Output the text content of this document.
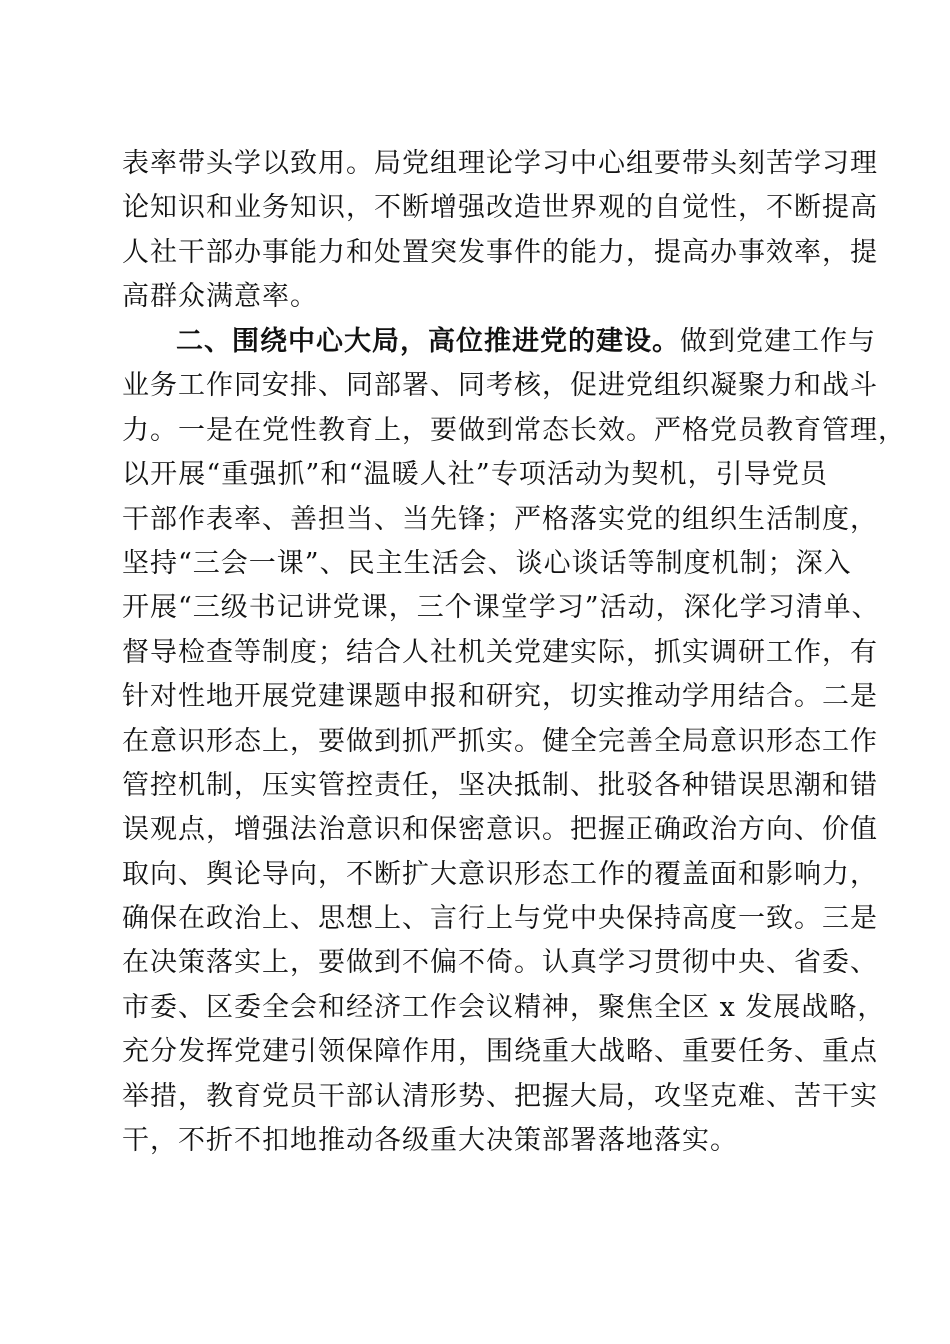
表率带头学以致用。局党组理论学习中心组要带头刻苦学习理
论知识和业务知识，不断增强改造世界观的自觉性，不断提高
人社干部办事能力和处置突发事件的能力，提高办事效率，提
高群众满意率。
二、围绕中心大局，高位推进党的建设。做到党建工作与
业务工作同安排、同部署、同考核，促进党组织凝聚力和战斗
力。一是在党性教育上，要做到常态长效。严格党员教育管理，
以开展“重强抓”和“温暖人社”专项活动为契机，引导党员
干部作表率、善担当、当先锋；严格落实党的组织生活制度，
坚持“三会一课”、民主生活会、谈心谈话等制度机制；深入
开展“三级书记讲党课，三个课堂学习”活动，深化学习清单、
督导检查等制度；结合人社机关党建实际，抓实调研工作，有
针对性地开展党建课题申报和研究，切实推动学用结合。二是
在意识形态上，要做到抓严抓实。健全完善全局意识形态工作
管控机制，压实管控责任，坚决抵制、批驳各种错误思潮和错
误观点，增强法治意识和保密意识。把握正确政治方向、价值
取向、舆论导向，不断扩大意识形态工作的覆盖面和影响力，
确保在政治上、思想上、言行上与党中央保持高度一致。三是
在决策落实上，要做到不偏不倚。认真学习贯彻中央、省委、
市委、区委全会和经济工作会议精神，聚焦全区 x 发展战略，
充分发挥党建引领保障作用，围绕重大战略、重要任务、重点
举措，教育党员干部认清形势、把握大局，攻坚克难、苦干实
干，不折不扣地推动各级重大决策部署落地落实。
